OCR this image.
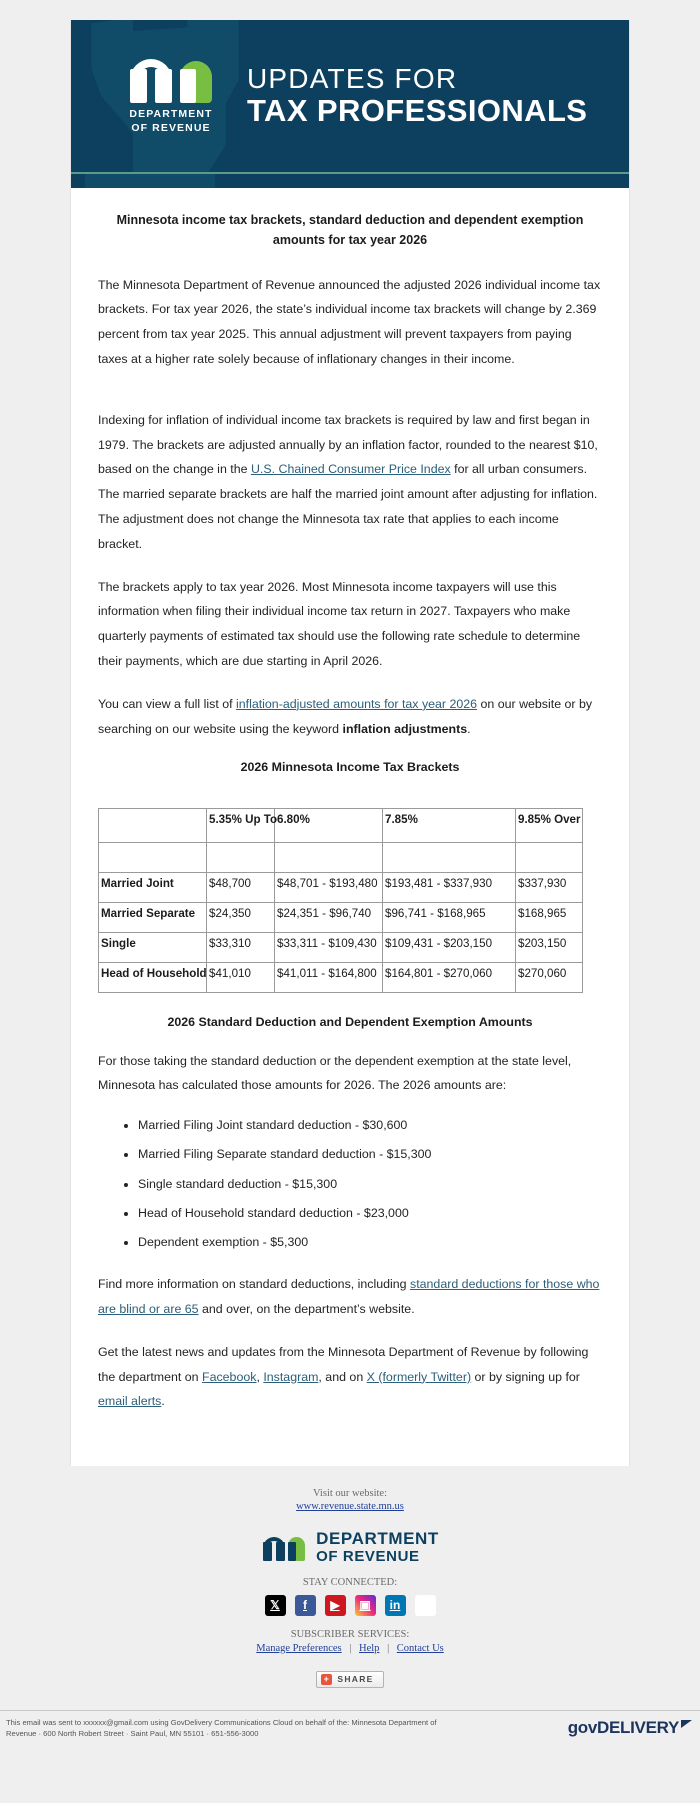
DEPARTMENT
OF REVENUE
UPDATES FOR
TAX PROFESSIONALS
Minnesota income tax brackets, standard deduction and dependent exemption amounts for tax year 2026

The Minnesota Department of Revenue announced the adjusted 2026 individual income tax brackets. For tax year 2026, the state’s individual income tax brackets will change by 2.369 percent from tax year 2025. This annual adjustment will prevent taxpayers from paying taxes at a higher rate solely because of inflationary changes in their income.

Indexing for inflation of individual income tax brackets is required by law and first began in 1979. The brackets are adjusted annually by an inflation factor, rounded to the nearest $10, based on the change in the U.S. Chained Consumer Price Index for all urban consumers. The married separate brackets are half the married joint amount after adjusting for inflation. The adjustment does not change the Minnesota tax rate that applies to each income bracket.

The brackets apply to tax year 2026. Most Minnesota income taxpayers will use this information when filing their individual income tax return in 2027. Taxpayers who make quarterly payments of estimated tax should use the following rate schedule to determine their payments, which are due starting in April 2026.

You can view a full list of inflation-adjusted amounts for tax year 2026 on our website or by searching on our website using the keyword inflation adjustments.

2026 Minnesota Income Tax Brackets
	5.35% Up To	6.80%	7.85%	9.85% Over

Married Joint	$48,700	$48,701 - $193,480	$193,481 - $337,930	$337,930
Married Separate	$24,350	$24,351 - $96,740	$96,741 - $168,965	$168,965
Single	$33,310	$33,311 - $109,430	$109,431 - $203,150	$203,150
Head of Household	$41,010	$41,011 - $164,800	$164,801 - $270,060	$270,060
2026 Standard Deduction and Dependent Exemption Amounts

For those taking the standard deduction or the dependent exemption at the state level, Minnesota has calculated those amounts for 2026. The 2026 amounts are:

• Married Filing Joint standard deduction - $30,600
• Married Filing Separate standard deduction - $15,300
• Single standard deduction - $15,300
• Head of Household standard deduction - $23,000
• Dependent exemption - $5,300

Find more information on standard deductions, including standard deductions for those who are blind or are 65 and over, on the department’s website.

Get the latest news and updates from the Minnesota Department of Revenue by following the department on Facebook, Instagram, and on X (formerly Twitter) or by signing up for email alerts.

Visit our website:
www.revenue.state.mn.us
DEPARTMENT
OF REVENUE
STAY CONNECTED:
𝕏	f	▶	▣	in	✉
SUBSCRIBER SERVICES:
Manage Preferences | Help | Contact Us
+ SHARE
This email was sent to xxxxxx@gmail.com using GovDelivery Communications Cloud on behalf of the: Minnesota Department of
Revenue · 600 North Robert Street · Saint Paul, MN 55101 · 651-556-3000	govDELIVERY
